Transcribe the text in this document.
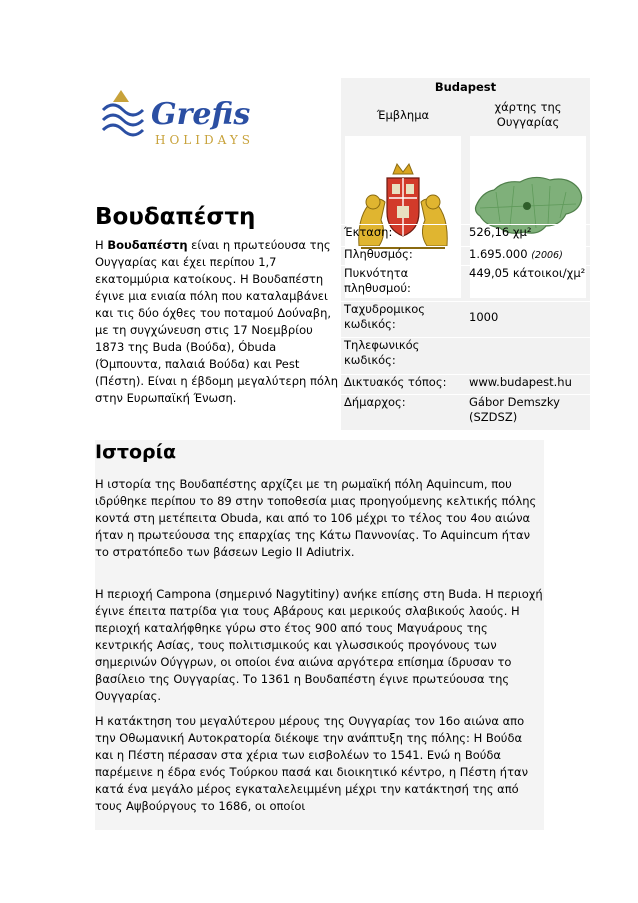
Grefis
HOLIDAYS
Βουδαπέστη

Η Βουδαπέστη είναι η πρωτεύουσα της Ουγγαρίας και έχει περίπου 1,7 εκατομμύρια κατοίκους. Η Βουδαπέστη έγινε μια ενιαία πόλη που καταλαμβάνει και τις δύο όχθες του ποταμού Δούναβη, με τη συγχώνευση στις 17 Νοεμβρίου 1873 της Buda (Βούδα), Óbuda (Όμπουντα, παλαιά Βούδα) και Pest (Πέστη). Είναι η έβδομη μεγαλύτερη πόλη στην Ευρωπαϊκή Ένωση.

Budapest
Έμβλημα
χάρτης της Ουγγαρίας
Έκταση:	526,16 χμ²
Πληθυσμός:	1.695.000 (2006)
Πυκνότητα πληθυσμού:
449,05 κάτοικοι/χμ²
Ταχυδρομικος κωδικός:	1000
Τηλεφωνικός κωδικός:
Δικτυακός τόπος:	www.budapest.hu
Δήμαρχος:	Gábor Demszky (SZDSZ)
Ιστορία

Η ιστορία της Βουδαπέστης αρχίζει με τη ρωμαϊκή πόλη Aquincum, που ιδρύθηκε περίπου το 89 στην τοποθεσία μιας προηγούμενης κελτικής πόλης κοντά στη μετέπειτα Obuda, και από το 106 μέχρι το τέλος του 4ου αιώνα ήταν η πρωτεύουσα της επαρχίας της Κάτω Παννονίας. Το Aquincum ήταν το στρατόπεδο των βάσεων Legio II Adiutrix.

Η περιοχή Campona (σημερινό Nagytitiny) ανήκε επίσης στη Buda. Η περιοχή έγινε έπειτα πατρίδα για τους Αβάρους και μερικούς σλαβικούς λαούς. Η περιοχή καταλήφθηκε γύρω στο έτος 900 από τους Μαγυάρους της κεντρικής Ασίας, τους πολιτισμικούς και γλωσσικούς προγόνους των σημερινών Ούγγρων, οι οποίοι ένα αιώνα αργότερα επίσημα ίδρυσαν το βασίλειο της Ουγγαρίας. Το 1361 η Βουδαπέστη έγινε πρωτεύουσα της Ουγγαρίας.

Η κατάκτηση του μεγαλύτερου μέρους της Ουγγαρίας τον 16ο αιώνα απο την Οθωμανική Αυτοκρατορία διέκοψε την ανάπτυξη της πόλης: Η Βούδα και η Πέστη πέρασαν στα χέρια των εισβολέων το 1541. Ενώ η Βούδα παρέμεινε η έδρα ενός Τούρκου πασά και διοικητικό κέντρο, η Πέστη ήταν κατά ένα μεγάλο μέρος εγκαταλελειμμένη μέχρι την κατάκτησή της από τους Αψβούργους το 1686, οι οποίοι
